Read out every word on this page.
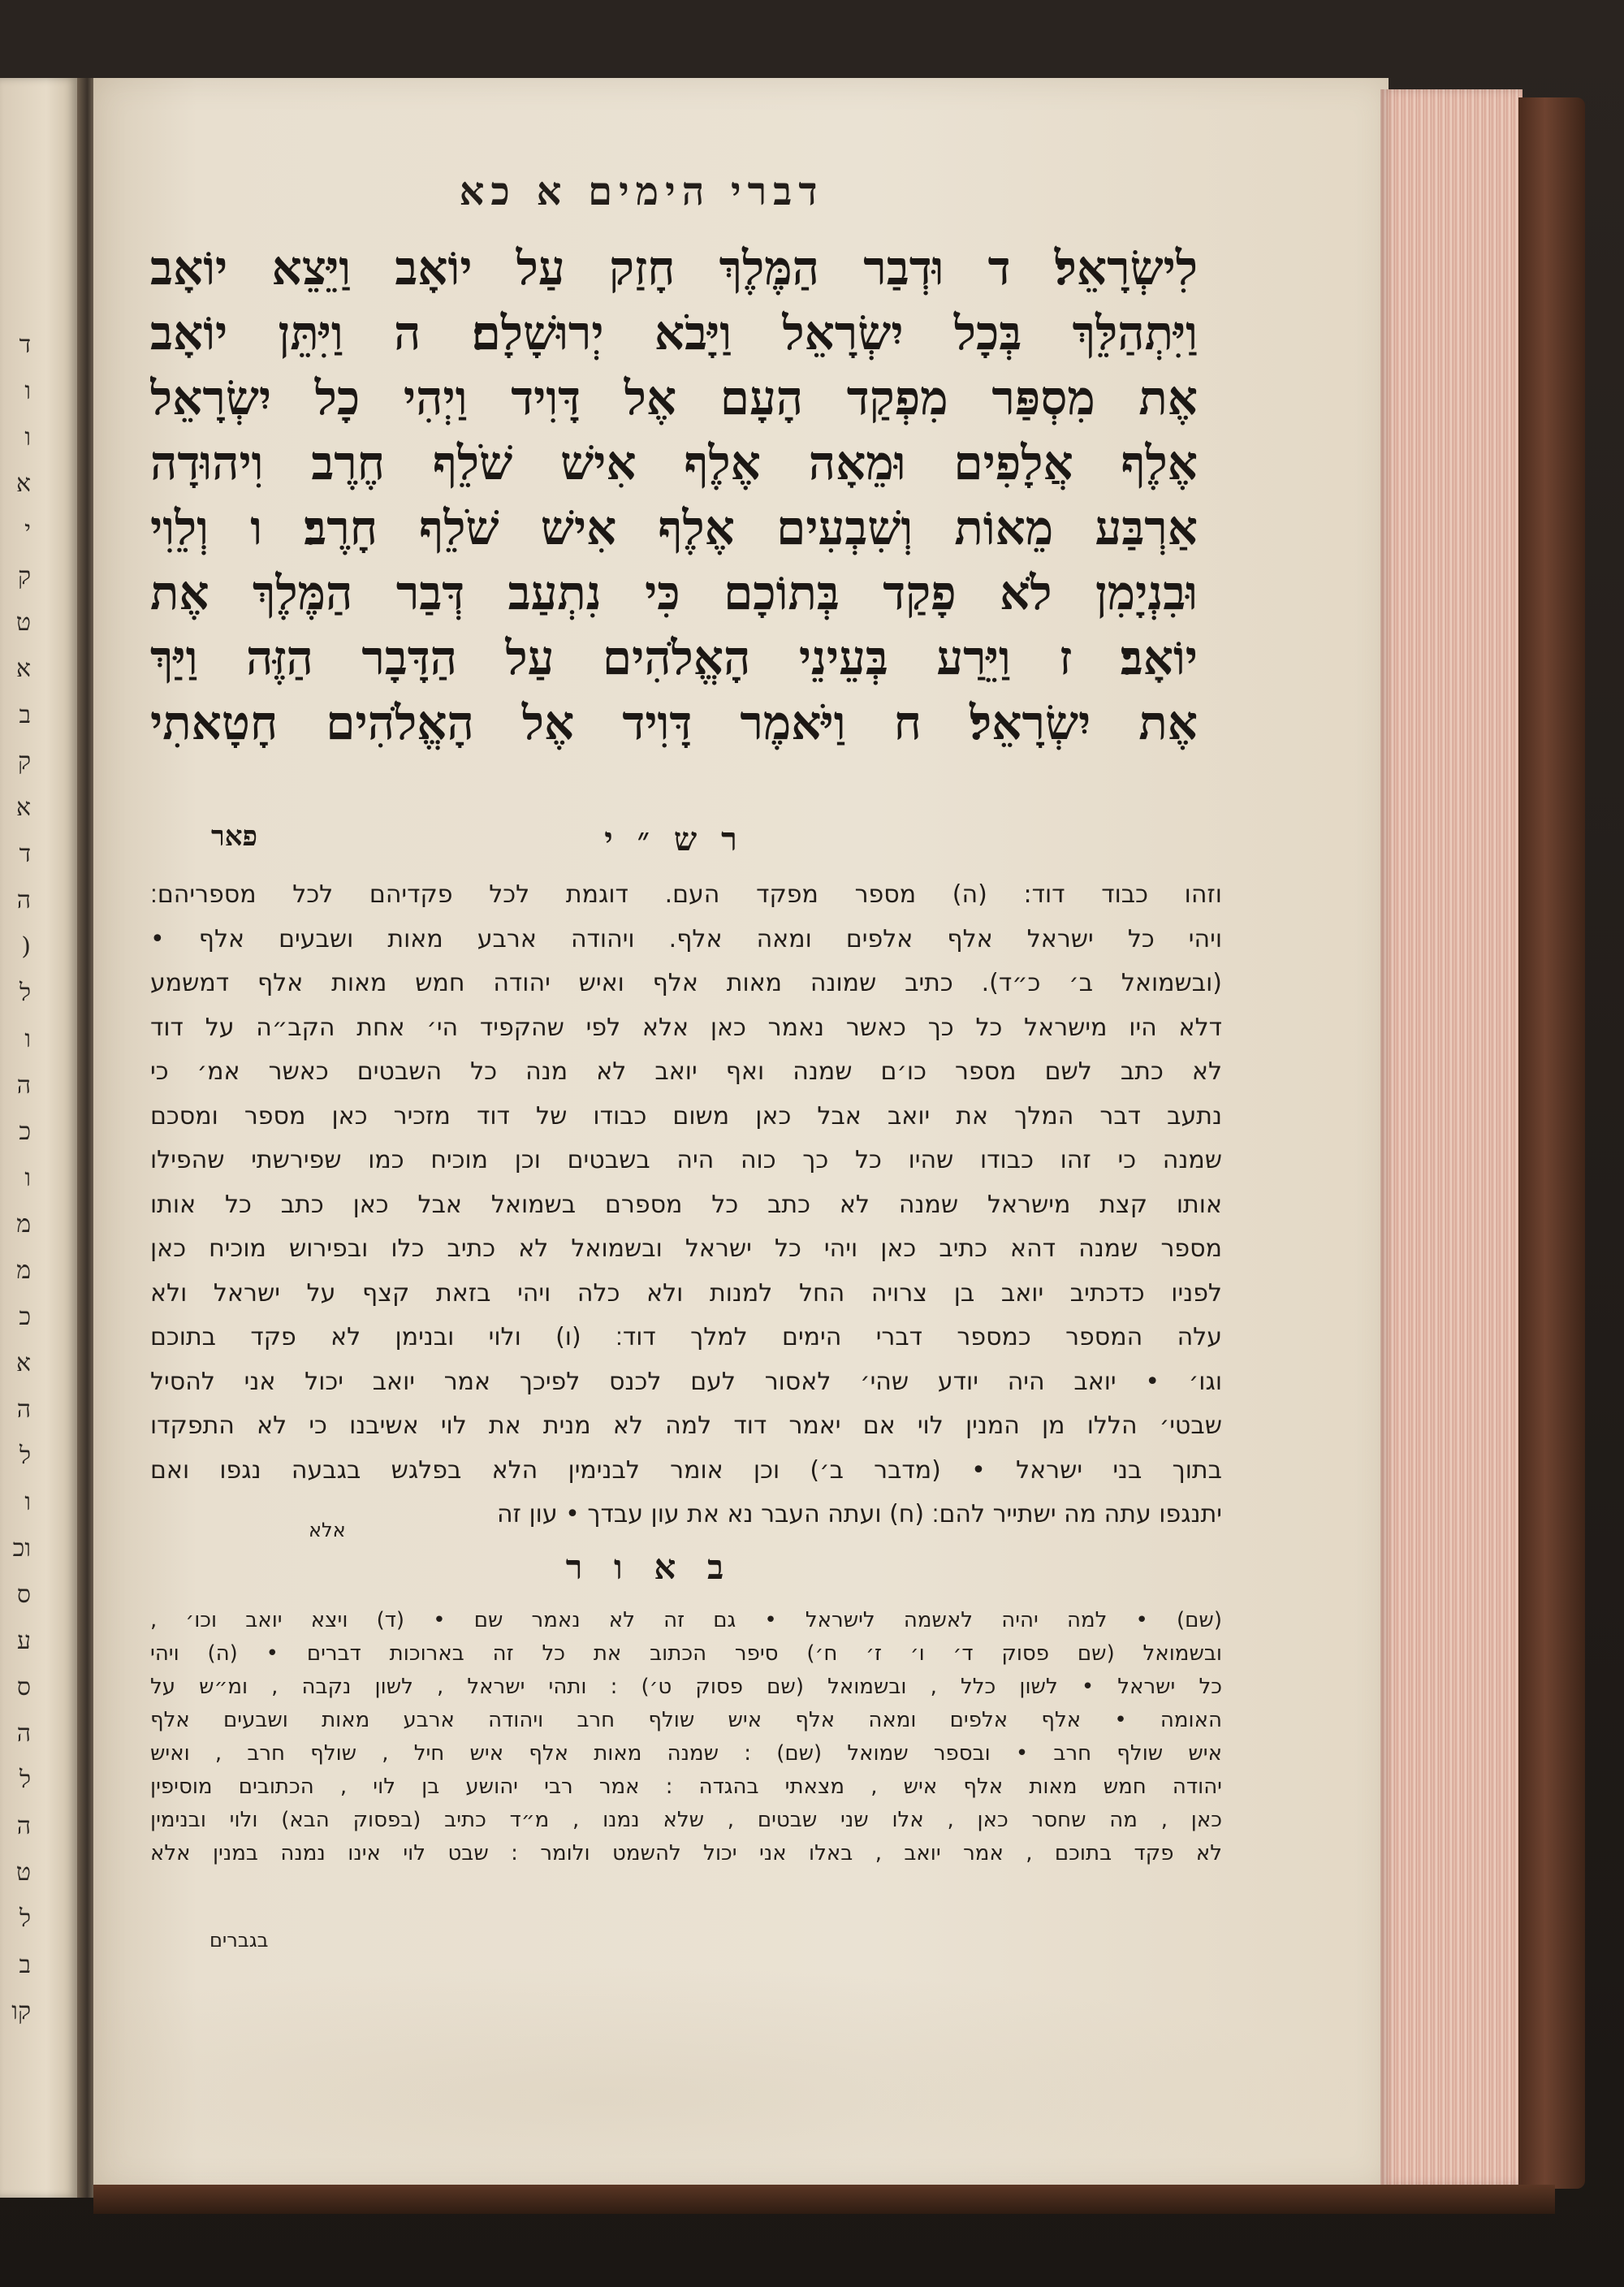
ד
ו
ו
א
י
ק
ט
א
ב
ק
א
ד
ה
(
ל
ו
ה
כ
ו
מ
מ
כ
א
ה
ל
ו
וכ
ס
ע
ס
ה
ל
ה
ט
ל
ב
קו
דברי הימים א כא
לִישְׂרָאֵל׃ ד וּדְבַר הַמֶּלֶךְ חָזַק עַל יוֹאָב וַיֵּצֵא יוֹאָב
וַיִּתְהַלֵּךְ בְּכָל יִשְׂרָאֵל וַיָּבֹא יְרוּשָׁלָם׃ ה וַיִּתֵּן יוֹאָב
אֶת מִסְפַּר מִפְקַד הָעָם אֶל דָּוִיד וַיְהִי כָל יִשְׂרָאֵל
אֶלֶף אֲלָפִים וּמֵאָה אֶלֶף אִישׁ שֹׁלֵף חֶרֶב וִיהוּדָה
אַרְבַּע מֵאוֹת וְשִׁבְעִים אֶלֶף אִישׁ שֹׁלֵף חָרֶב׃ ו וְלֵוִי
וּבִנְיָמִן לֹא פָקַד בְּתוֹכָם כִּי נִתְעַב דְּבַר הַמֶּלֶךְ אֶת
יוֹאָב׃ ז וַיֵּרַע בְּעֵינֵי הָאֱלֹהִים עַל הַדָּבָר הַזֶּה וַיַּךְ
אֶת יִשְׂרָאֵל׃ ח וַיֹּאמֶר דָּוִיד אֶל הָאֱלֹהִים חָטָאתִי
ר ש ״ י
פאר
וזהו כבוד דוד: (ה) מספר מפקד העם. דוגמת לכל פקדיהם לכל מספריהם׃
ויהי כל ישראל אלף אלפים ומאה אלף. ויהודה ארבע מאות ושבעים אלף •
(ובשמואל ב׳ כ״ד). כתיב שמונה מאות אלף ואיש יהודה חמש מאות אלף דמשמע
דלא היו מישראל כל כך כאשר נאמר כאן אלא לפי שהקפיד הי׳ אחת הקב״ה על דוד
לא כתב לשם מספר כו׳ם שמנה ואף יואב לא מנה כל השבטים כאשר אמ׳ כי
נתעב דבר המלך את יואב אבל כאן משום כבודו של דוד מזכיר כאן מספר ומסכם
שמנה כי זהו כבודו שהיו כל כך כוה היה בשבטים וכן מוכיח כמו שפירשתי שהפילו
אותו קצת מישראל שמנה לא כתב כל מספרם בשמואל אבל כאן כתב כל אותו
מספר שמנה דהא כתיב כאן ויהי כל ישראל ובשמואל לא כתיב כלו ובפירוש מוכיח כאן
לפניו כדכתיב יואב בן צרויה החל למנות ולא כלה ויהי בזאת קצף על ישראל ולא
עלה המספר כמספר דברי הימים למלך דוד׃ (ו) ולוי ובנימן לא פקד בתוכם
וגו׳ • יואב היה יודע שהי׳ לאסור לעם לכנס לפיכך אמר יואב יכול אני להסיל
שבטי׳ הללו מן המנין לוי אם יאמר דוד למה לא מנית את לוי אשיבנו כי לא התפקדו
בתוך בני ישראל • (מדבר ב׳) וכן אומר לבנימין הלא בפלגש בגבעה נגפו ואם
יתנגפו עתה מה ישתייר להם׃ (ח) ועתה העבר נא את עון עבדך • עון זה
אלא
ב א ו ר
(שם) • למה יהיה לאשמה לישראל • גם זה לא נאמר שם • (ד) ויצא יואב וכו׳ ,
ובשמואל (שם פסוק ד׳ ו׳ ז׳ ח׳) סיפר הכתוב את כל זה בארוכות דברים • (ה) ויהי
כל ישראל • לשון כלל , ובשמואל (שם פסוק ט׳) : ותהי ישראל , לשון נקבה , ומ״ש על
האומה • אלף אלפים ומאה אלף איש שולף חרב ויהודה ארבע מאות ושבעים אלף
איש שולף חרב • ובספר שמואל (שם) : שמנה מאות אלף איש חיל , שולף חרב , ואיש
יהודה חמש מאות אלף איש , מצאתי בהגדה : אמר רבי יהושע בן לוי , הכתובים מוסיפין
כאן , מה שחסר כאן , אלו שני שבטים , שלא נמנו , מ״ד כתיב (בפסוק הבא) ולוי ובנימין
לא פקד בתוכם , אמר יואב , באלו אני יכול להשמט ולומר : שבט לוי אינו נמנה במנין אלא
בגברים
